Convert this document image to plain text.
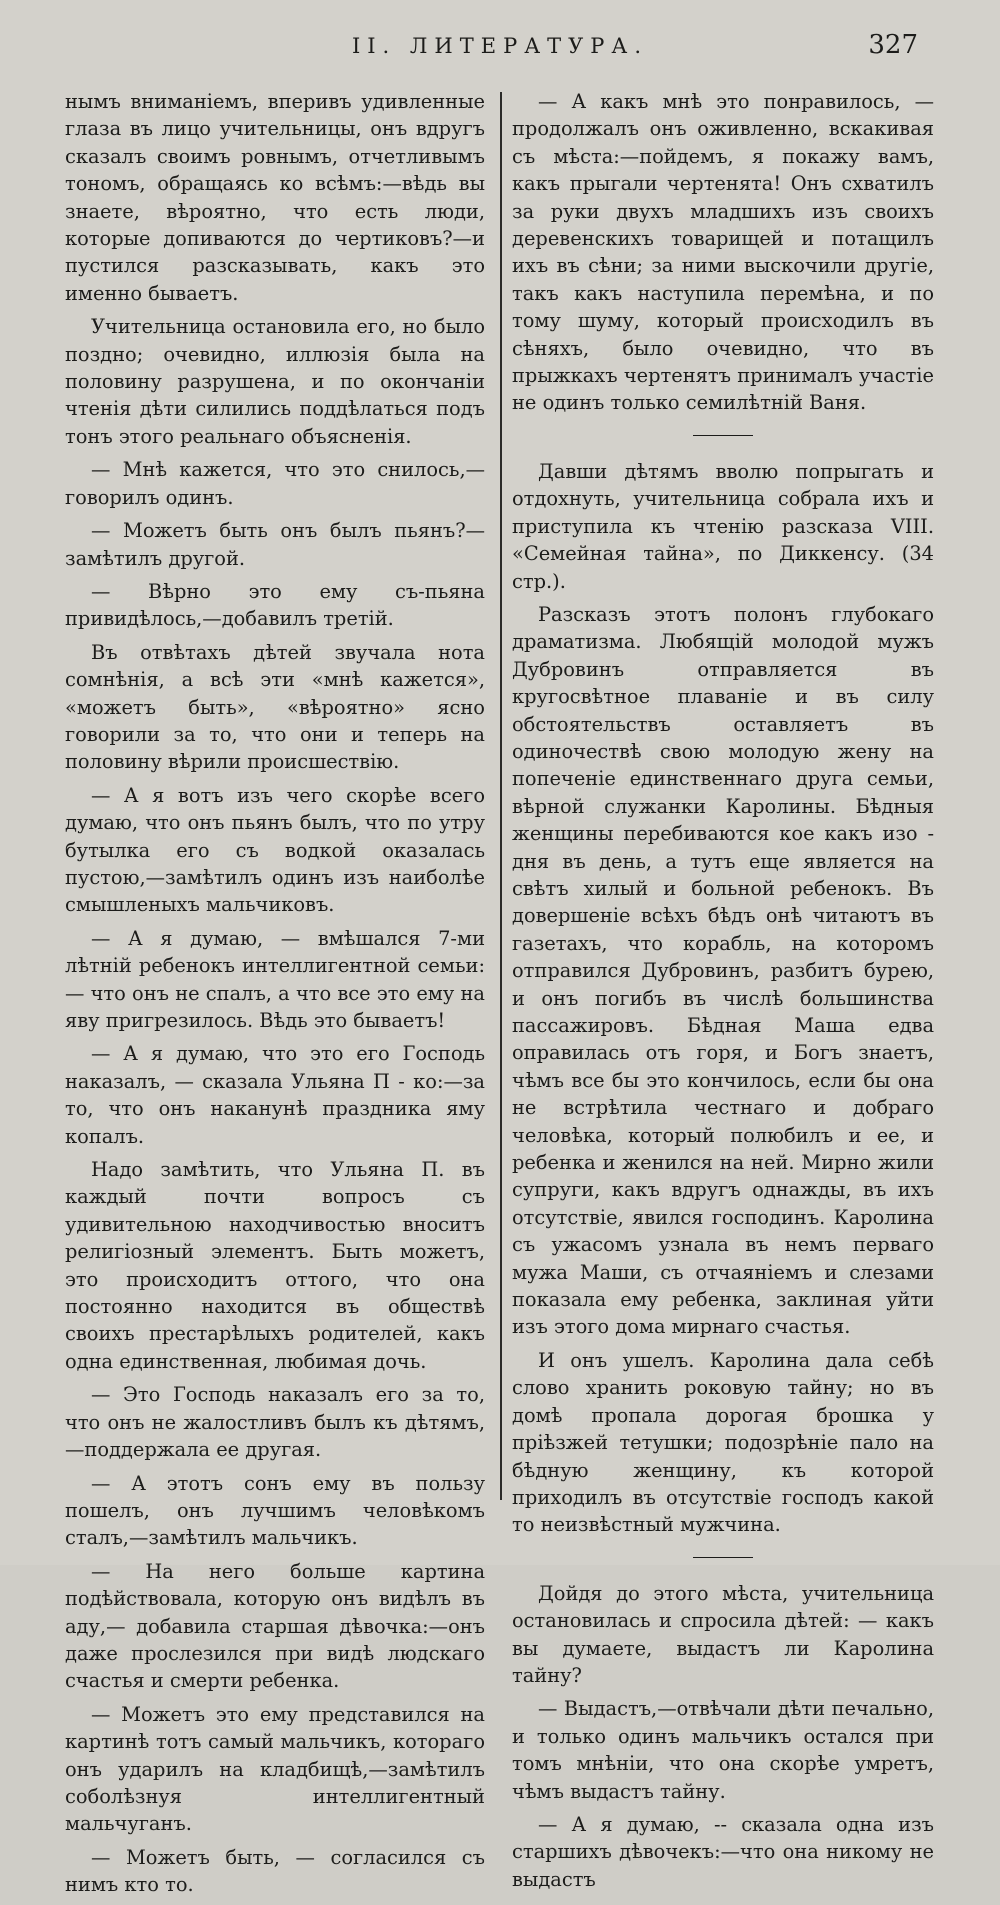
II. ЛИТЕРАТУРА.	327

нымъ вниманіемъ, вперивъ удивленные глаза въ лицо учительницы, онъ вдругъ сказалъ своимъ ровнымъ, отчетливымъ тономъ, обращаясь ко всѣмъ:—вѣдь вы знаете, вѣроятно, что есть люди, которые допиваются до чертиковъ?—и пустился разсказывать, какъ это именно бываетъ.

Учительница остановила его, но было поздно; очевидно, иллюзія была на половину разрушена, и по окончаніи чтенія дѣти силились поддѣлаться подъ тонъ этого реальнаго объясненія.

— Мнѣ кажется, что это снилось,—говорилъ одинъ.

— Можетъ быть онъ былъ пьянъ?—замѣтилъ другой.

— Вѣрно это ему съ-пьяна привидѣлось,—добавилъ третій.

Въ отвѣтахъ дѣтей звучала нота сомнѣнія, а всѣ эти «мнѣ кажется», «можетъ быть», «вѣроятно» ясно говорили за то, что они и теперь на половину вѣрили происшествію.

— А я вотъ изъ чего скорѣе всего думаю, что онъ пьянъ былъ, что по утру бутылка его съ водкой оказалась пустою,—замѣтилъ одинъ изъ наиболѣе смышленыхъ мальчиковъ.

— А я думаю, — вмѣшался 7-ми лѣтній ребенокъ интеллигентной семьи: — что онъ не спалъ, а что все это ему на яву пригрезилось. Вѣдь это бываетъ!

— А я думаю, что это его Господь наказалъ, — сказала Ульяна П - ко:—за то, что онъ наканунѣ праздника яму копалъ.

Надо замѣтить, что Ульяна П. въ каждый почти вопросъ съ удивительною находчивостью вноситъ религіозный элементъ. Быть можетъ, это происходитъ оттого, что она постоянно находится въ обществѣ своихъ престарѣлыхъ родителей, какъ одна единственная, любимая дочь.

— Это Господь наказалъ его за то, что онъ не жалостливъ былъ къ дѣтямъ,—поддержала ее другая.

— А этотъ сонъ ему въ пользу пошелъ, онъ лучшимъ человѣкомъ сталъ,—замѣтилъ мальчикъ.

— На него больше картина подѣйствовала, которую онъ видѣлъ въ аду,— добавила старшая дѣвочка:—онъ даже прослезился при видѣ людскаго счастья и смерти ребенка.

— Можетъ это ему представился на картинѣ тотъ самый мальчикъ, котораго онъ ударилъ на кладбищѣ,—замѣтилъ соболѣзнуя интеллигентный мальчуганъ.

— Можетъ быть, — согласился съ нимъ кто то.

— А какъ мнѣ это понравилось, — продолжалъ онъ оживленно, вскакивая съ мѣста:—пойдемъ, я покажу вамъ, какъ прыгали чертенята! Онъ схватилъ за руки двухъ младшихъ изъ своихъ деревенскихъ товарищей и потащилъ ихъ въ сѣни; за ними выскочили другіе, такъ какъ наступила перемѣна, и по тому шуму, который происходилъ въ сѣняхъ, было очевидно, что въ прыжкахъ чертенятъ принималъ участіе не одинъ только семилѣтній Ваня.

Давши дѣтямъ вволю попрыгать и отдохнуть, учительница собрала ихъ и приступила къ чтенію разсказа VIII. «Семейная тайна», по Диккенсу. (34 стр.).

Разсказъ этотъ полонъ глубокаго драматизма. Любящій молодой мужъ Дубровинъ отправляется въ кругосвѣтное плаваніе и въ силу обстоятельствъ оставляетъ въ одиночествѣ свою молодую жену на попеченіе единственнаго друга семьи, вѣрной служанки Каролины. Бѣдныя женщины перебиваются кое какъ изо - дня въ день, а тутъ еще является на свѣтъ хилый и больной ребенокъ. Въ довершеніе всѣхъ бѣдъ онѣ читаютъ въ газетахъ, что корабль, на которомъ отправился Дубровинъ, разбитъ бурею, и онъ погибъ въ числѣ большинства пассажировъ. Бѣдная Маша едва оправилась отъ горя, и Богъ знаетъ, чѣмъ все бы это кончилось, если бы она не встрѣтила честнаго и добраго человѣка, который полюбилъ и ее, и ребенка и женился на ней. Мирно жили супруги, какъ вдругъ однажды, въ ихъ отсутствіе, явился господинъ. Каролина съ ужасомъ узнала въ немъ перваго мужа Маши, съ отчаяніемъ и слезами показала ему ребенка, заклиная уйти изъ этого дома мирнаго счастья.

И онъ ушелъ. Каролина дала себѣ слово хранить роковую тайну; но въ домѣ пропала дорогая брошка у пріѣзжей тетушки; подозрѣніе пало на бѣдную женщину, къ которой приходилъ въ отсутствіе господъ какой то неизвѣстный мужчина.

Дойдя до этого мѣста, учительница остановилась и спросила дѣтей: — какъ вы думаете, выдастъ ли Каролина тайну?

— Выдастъ,—отвѣчали дѣти печально, и только одинъ мальчикъ остался при томъ мнѣніи, что она скорѣе умретъ, чѣмъ выдастъ тайну.

— А я думаю, -- сказала одна изъ старшихъ дѣвочекъ:—что она никому не выдастъ
